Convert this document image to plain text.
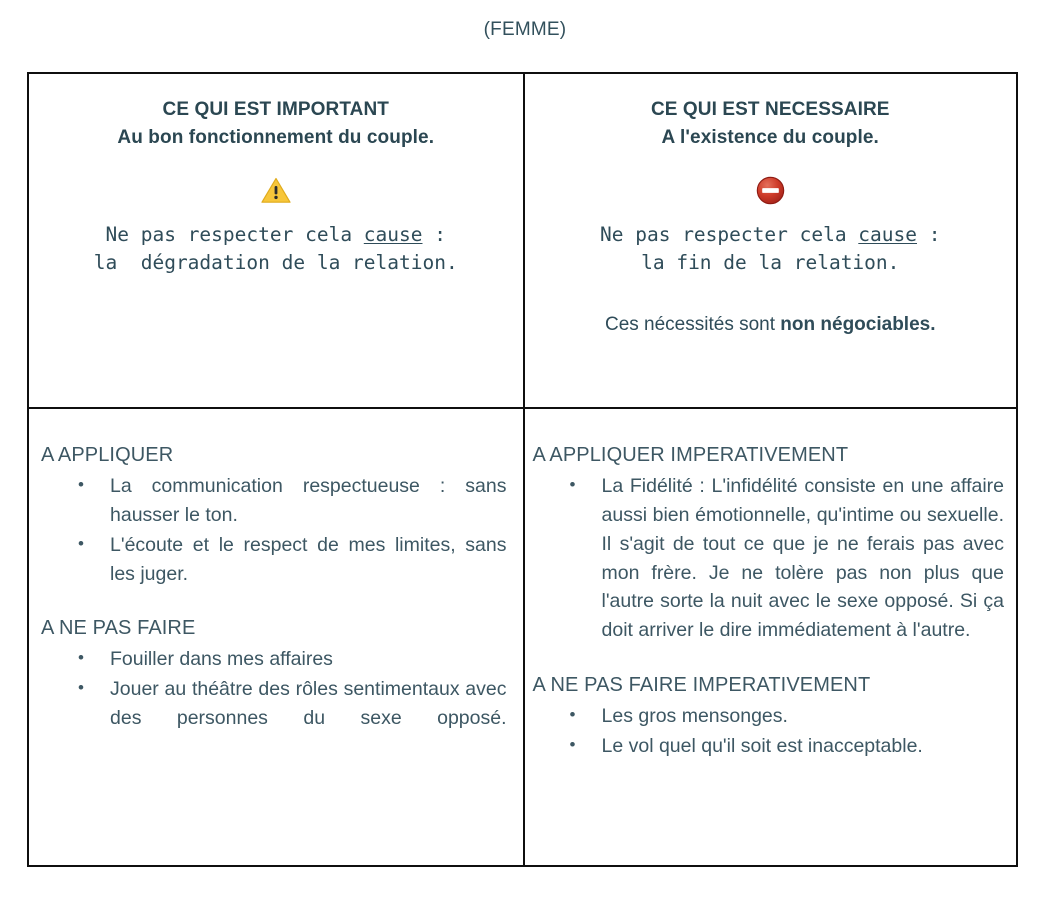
(FEMME)
CE QUI EST IMPORTANT
Au bon fonctionnement du couple.
Ne pas respecter cela cause :
la  dégradation de la relation.
CE QUI EST NECESSAIRE
A l'existence du couple.
Ne pas respecter cela cause :
la fin de la relation.
Ces nécessités sont non négociables.
A APPLIQUER
• La communication respectueuse : sans hausser le ton.
• L'écoute et le respect de mes limites, sans les juger.
A NE PAS FAIRE
• Fouiller dans mes affaires
• Jouer au théâtre des rôles sentimentaux avec des personnes du sexe opposé.
A APPLIQUER IMPERATIVEMENT
• La Fidélité : L'infidélité consiste en une affaire aussi bien émotionnelle, qu'intime ou sexuelle. Il s'agit de tout ce que je ne ferais pas avec mon frère. Je ne tolère pas non plus que l'autre sorte la nuit avec le sexe opposé. Si ça doit arriver le dire immédiatement à l'autre.
A NE PAS FAIRE IMPERATIVEMENT
• Les gros mensonges.
• Le vol quel qu'il soit est inacceptable.
